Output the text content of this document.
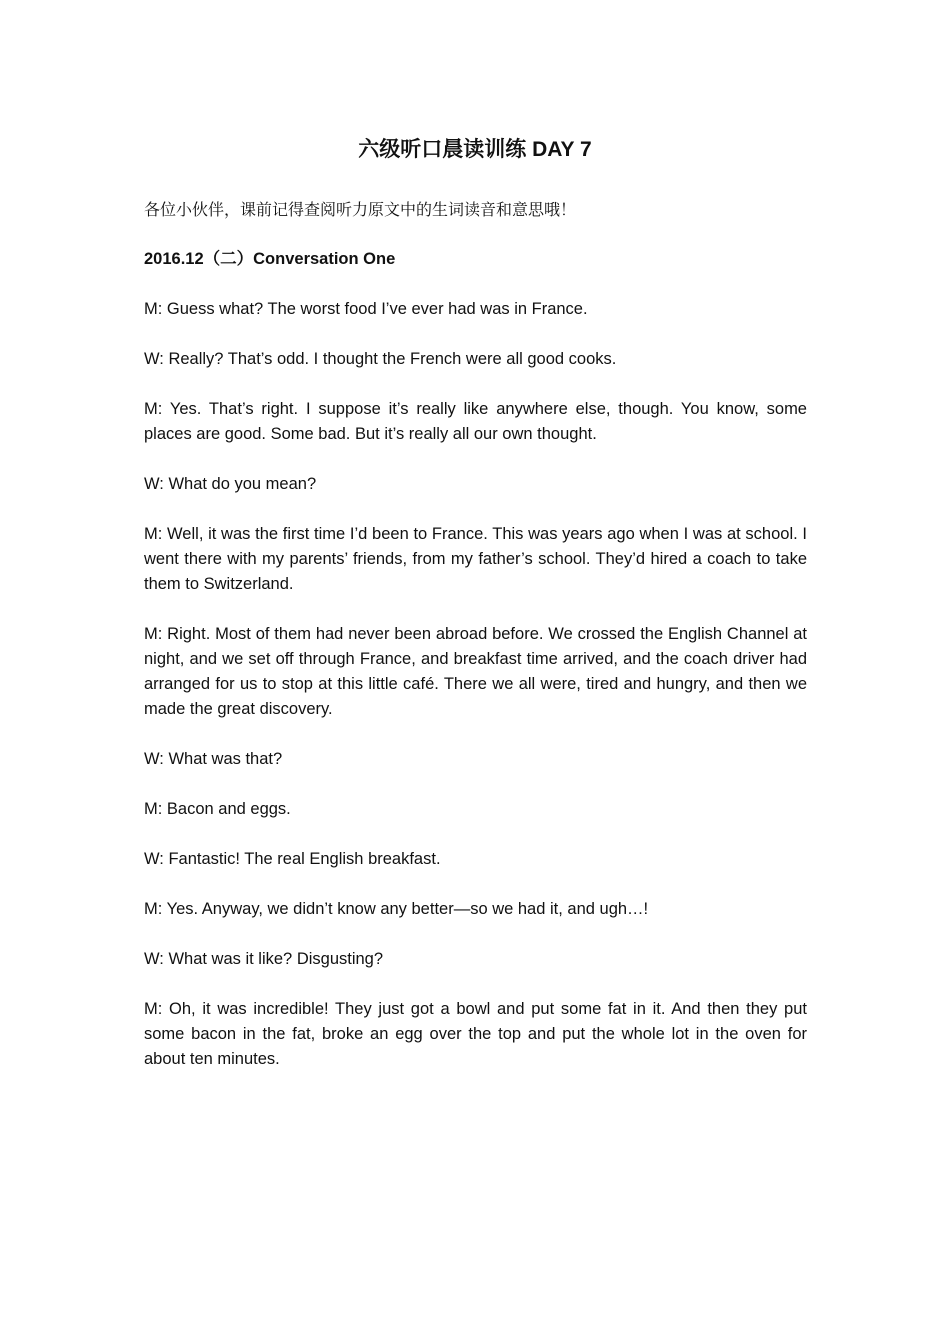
六级听口晨读训练 DAY 7

各位小伙伴，课前记得查阅听力原文中的生词读音和意思哦！

2016.12（二）Conversation One

M: Guess what? The worst food I’ve ever had was in France.

W: Really? That’s odd. I thought the French were all good cooks.

M: Yes. That’s right. I suppose it’s really like anywhere else, though. You know, some places are good. Some bad. But it’s really all our own thought.

W: What do you mean?

M: Well, it was the first time I’d been to France. This was years ago when I was at school. I went there with my parents’ friends, from my father’s school. They’d hired a coach to take them to Switzerland.

M: Right. Most of them had never been abroad before. We crossed the English Channel at night, and we set off through France, and breakfast time arrived, and the coach driver had arranged for us to stop at this little café. There we all were, tired and hungry, and then we made the great discovery.

W: What was that?

M: Bacon and eggs.

W: Fantastic! The real English breakfast.

M: Yes. Anyway, we didn’t know any better—so we had it, and ugh…!

W: What was it like? Disgusting?

M: Oh, it was incredible! They just got a bowl and put some fat in it. And then they put some bacon in the fat, broke an egg over the top and put the whole lot in the oven for about ten minutes.
